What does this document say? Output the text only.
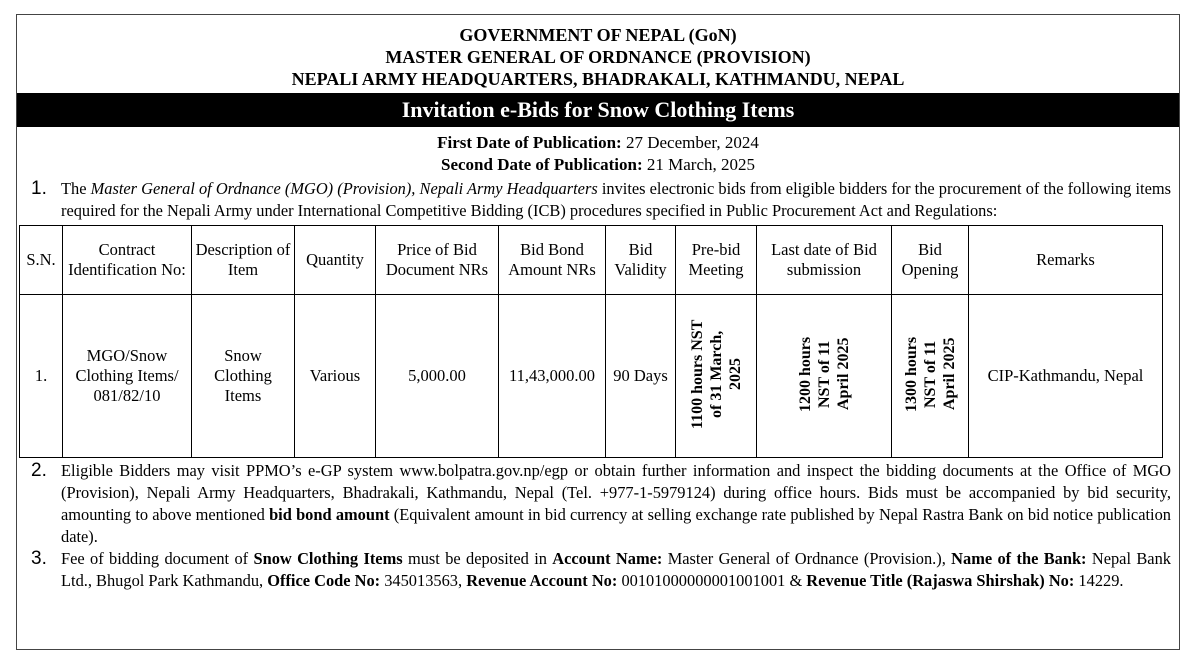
GOVERNMENT OF NEPAL (GoN)
MASTER GENERAL OF ORDNANCE (PROVISION)
NEPALI ARMY HEADQUARTERS, BHADRAKALI, KATHMANDU, NEPAL
Invitation e-Bids for Snow Clothing Items
First Date of Publication: 27 December, 2024
Second Date of Publication: 21 March, 2025
1. The Master General of Ordnance (MGO) (Provision), Nepali Army Headquarters invites electronic bids from eligible bidders for the procurement of the following items required for the Nepali Army under International Competitive Bidding (ICB) procedures specified in Public Procurement Act and Regulations:
S.N.	Contract Identification No:	Description of Item	Quantity	Price of Bid Document NRs	Bid Bond Amount NRs	Bid Validity	Pre-bid Meeting	Last date of Bid submission	Bid Opening	Remarks
1.	MGO/Snow Clothing Items/ 081/82/10	Snow Clothing Items	Various	5,000.00	11,43,000.00	90 Days	1100 hours NST of 31 March, 2025	1200 hours NST of 11 April 2025	1300 hours NST of 11 April 2025	CIP-Kathmandu, Nepal
2. Eligible Bidders may visit PPMO’s e-GP system www.bolpatra.gov.np/egp or obtain further information and inspect the bidding documents at the Office of MGO (Provision), Nepali Army Headquarters, Bhadrakali, Kathmandu, Nepal (Tel. +977-1-5979124) during office hours. Bids must be accompanied by bid security, amounting to above mentioned bid bond amount (Equivalent amount in bid currency at selling exchange rate published by Nepal Rastra Bank on bid notice publication date).
3. Fee of bidding document of Snow Clothing Items must be deposited in Account Name: Master General of Ordnance (Provision.), Name of the Bank: Nepal Bank Ltd., Bhugol Park Kathmandu, Office Code No: 345013563, Revenue Account No: 00101000000001001001 & Revenue Title (Rajaswa Shirshak) No: 14229.
